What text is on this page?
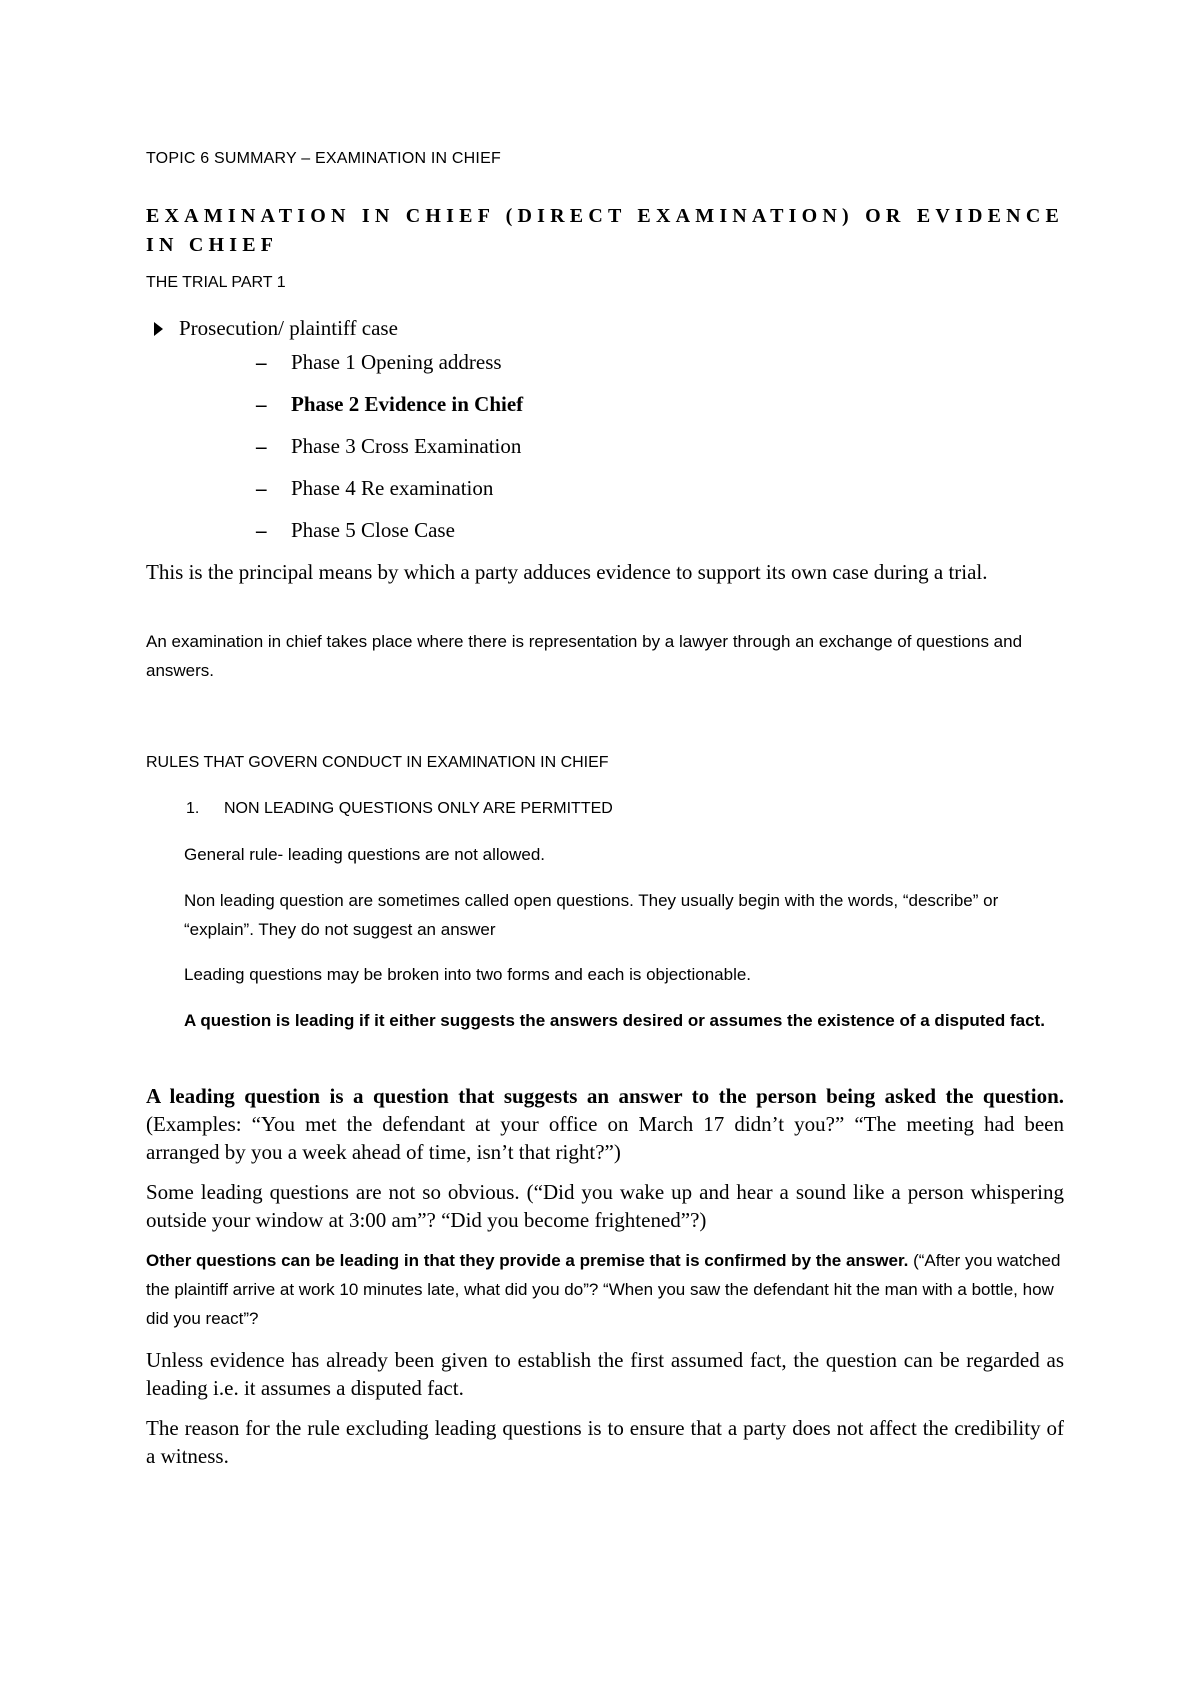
TOPIC 6 SUMMARY – EXAMINATION IN CHIEF
EXAMINATION IN CHIEF (DIRECT EXAMINATION) OR EVIDENCE IN CHIEF
THE TRIAL PART 1
Prosecution/ plaintiff case
– Phase 1 Opening address
– Phase 2 Evidence in Chief
– Phase 3 Cross Examination
– Phase 4 Re examination
– Phase 5 Close Case
This is the principal means by which a party adduces evidence to support its own case during a trial.
An examination in chief takes place where there is representation by a lawyer through an exchange of questions and answers.
RULES THAT GOVERN CONDUCT IN EXAMINATION IN CHIEF
1.	NON LEADING QUESTIONS ONLY ARE PERMITTED
General rule- leading questions are not allowed.
Non leading question are sometimes called open questions. They usually begin with the words, “describe” or “explain”. They do not suggest an answer
Leading questions may be broken into two forms and each is objectionable.
A question is leading if it either suggests the answers desired or assumes the existence of a disputed fact.
A leading question is a question that suggests an answer to the person being asked the question. (Examples: “You met the defendant at your office on March 17 didn’t you?” “The meeting had been arranged by you a week ahead of time, isn’t that right?”)
Some leading questions are not so obvious. (“Did you wake up and hear a sound like a person whispering outside your window at 3:00 am”? “Did you become frightened”?)
Other questions can be leading in that they provide a premise that is confirmed by the answer. (“After you watched the plaintiff arrive at work 10 minutes late, what did you do”? “When you saw the defendant hit the man with a bottle, how did you react”?
Unless evidence has already been given to establish the first assumed fact, the question can be regarded as leading i.e. it assumes a disputed fact.
The reason for the rule excluding leading questions is to ensure that a party does not affect the credibility of a witness.
